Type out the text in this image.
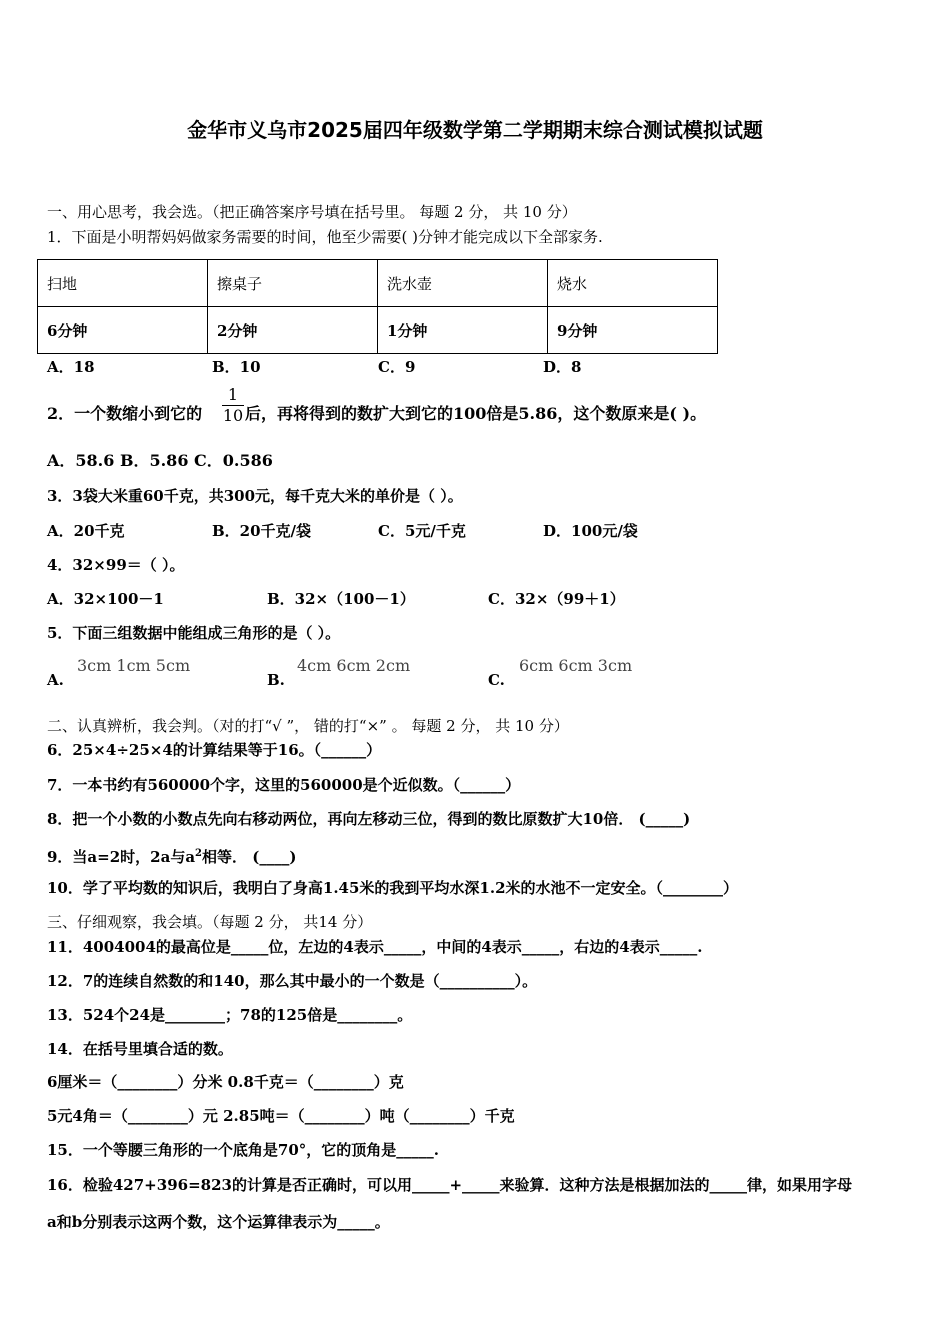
金华市义乌市2025届四年级数学第二学期期末综合测试模拟试题
一、用心思考，我会选。（把正确答案序号填在括号里。 每题 2 分， 共 10 分）
1．下面是小明帮妈妈做家务需要的时间，他至少需要( )分钟才能完成以下全部家务.
扫地	擦桌子	洗水壶	烧水
6分钟	2分钟	1分钟	9分钟
A．18	B．10	C．9	D．8
2．一个数缩小到它的
1
10 后，再将得到的数扩大到它的100倍是5.86，这个数原来是( )。
A．58.6 B．5.86 C．0.586
3．3袋大米重60千克，共300元，每千克大米的单价是（ ）。
A．20千克	B．20千克/袋	C．5元/千克	D．100元/袋
4．32×99＝（ ）。
A．32×100－1	B．32×（100－1）	C．32×（99＋1）
5．下面三组数据中能组成三角形的是（ ）。
A.
3cm 1cm 5cm
B.
4cm 6cm 2cm
C.
6cm 6cm 3cm
二、认真辨析，我会判。（对的打“√ ”， 错的打“×” 。 每题 2 分， 共 10 分）
6．25×4÷25×4的计算结果等于16。（______）
7．一本书约有560000个字，这里的560000是个近似数。（______）
8．把一个小数的小数点先向右移动两位，再向左移动三位，得到的数比原数扩大10倍． (_____)
9．当a=2时，2a与$a^2$相等． (____)
10．学了平均数的知识后，我明白了身高1.45米的我到平均水深1.2米的水池不一定安全。（________）
三、仔细观察，我会填。（每题 2 分， 共14 分）
11．4004004的最高位是_____位，左边的4表示_____，中间的4表示_____，右边的4表示_____.
12．7的连续自然数的和140，那么其中最小的一个数是（__________）。
13．524个24是________；78的125倍是________。
14．在括号里填合适的数。
6厘米＝（________）分米 0.8千克＝（________）克
5元4角＝（________）元 2.85吨＝（________）吨（________）千克
15．一个等腰三角形的一个底角是70°，它的顶角是_____.
16．检验427+396=823的计算是否正确时，可以用_____+_____来验算．这种方法是根据加法的_____律，如果用字母
a和b分别表示这两个数，这个运算律表示为_____。
